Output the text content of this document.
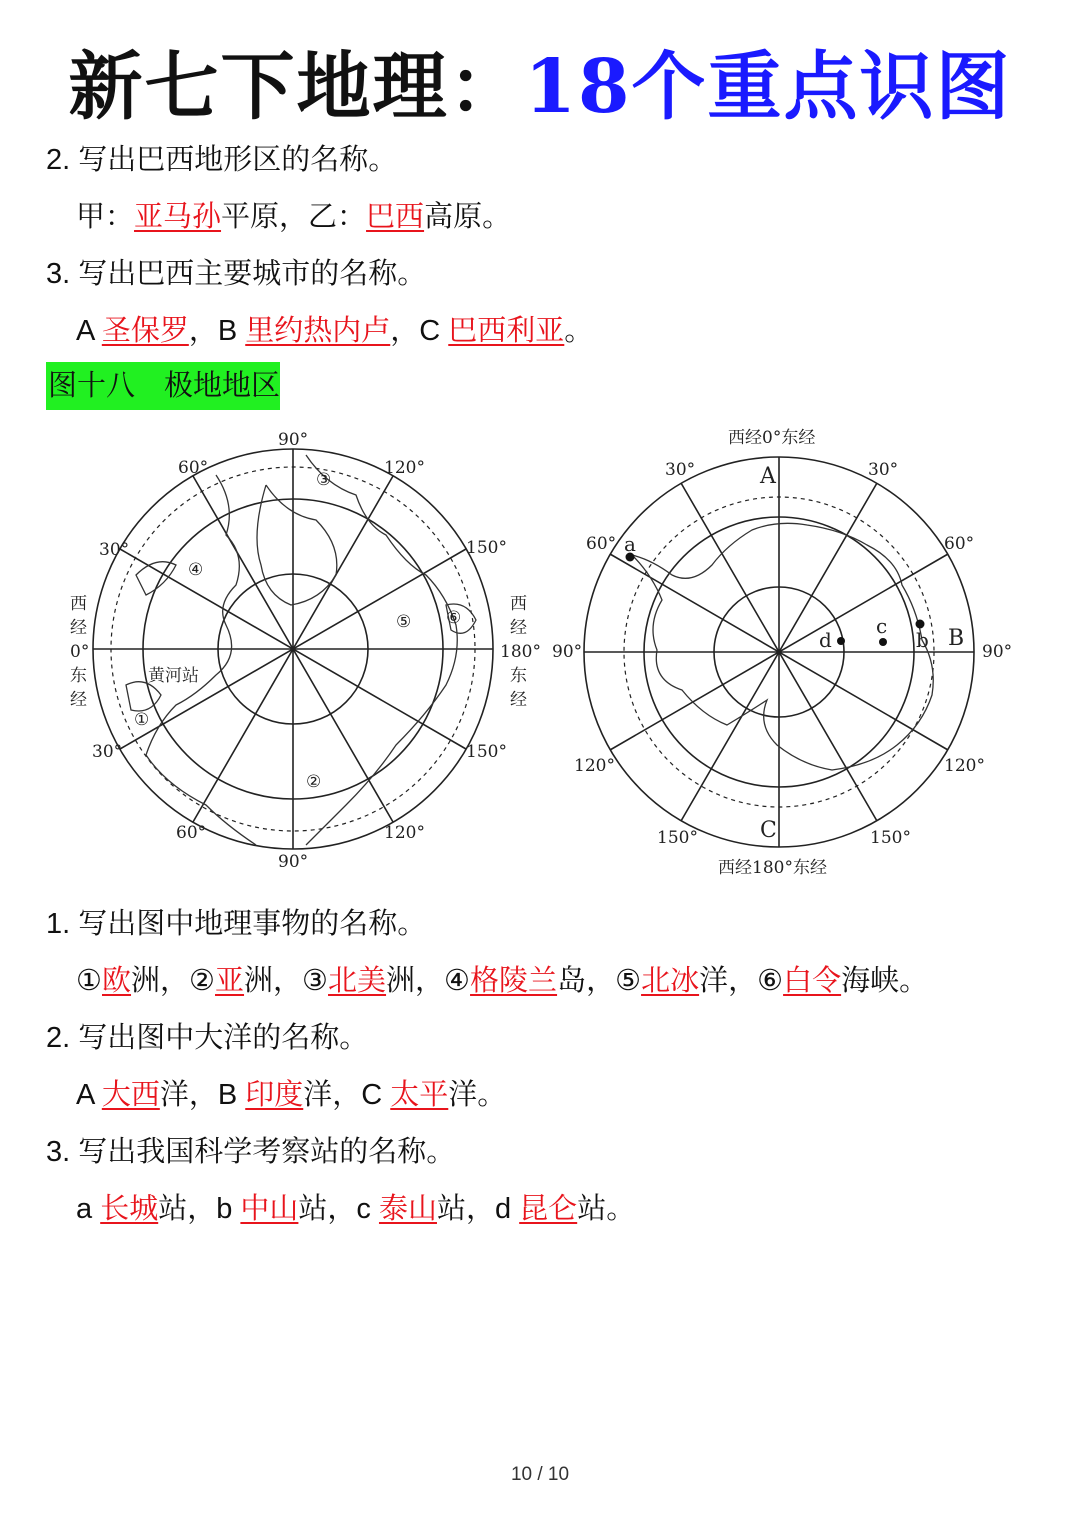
新七下地理：18个重点识图
2. 写出巴西地形区的名称。
甲：亚马孙平原，乙：巴西高原。
3. 写出巴西主要城市的名称。
A 圣保罗，B 里约热内卢，C 巴西利亚。
图十八　极地地区
90°
90°
60°	120°
30°	150°
30°	150°
60°	120°
西
经
0°
东
经
西
经
180°
东
经
黄河站
①
②
③
④
⑤ ⑥
西经0°东经
西经180°东经
30°	30°
60°	60°
90°	90°
120°	120°
150°	150°
A
B
C
a
b
c
d
1. 写出图中地理事物的名称。
①欧洲，②亚洲，③北美洲，④格陵兰岛，⑤北冰洋，⑥白令海峡。
2. 写出图中大洋的名称。
A 大西洋，B 印度洋，C 太平洋。
3. 写出我国科学考察站的名称。
a 长城站，b 中山站，c 泰山站，d 昆仑站。
10 / 10
